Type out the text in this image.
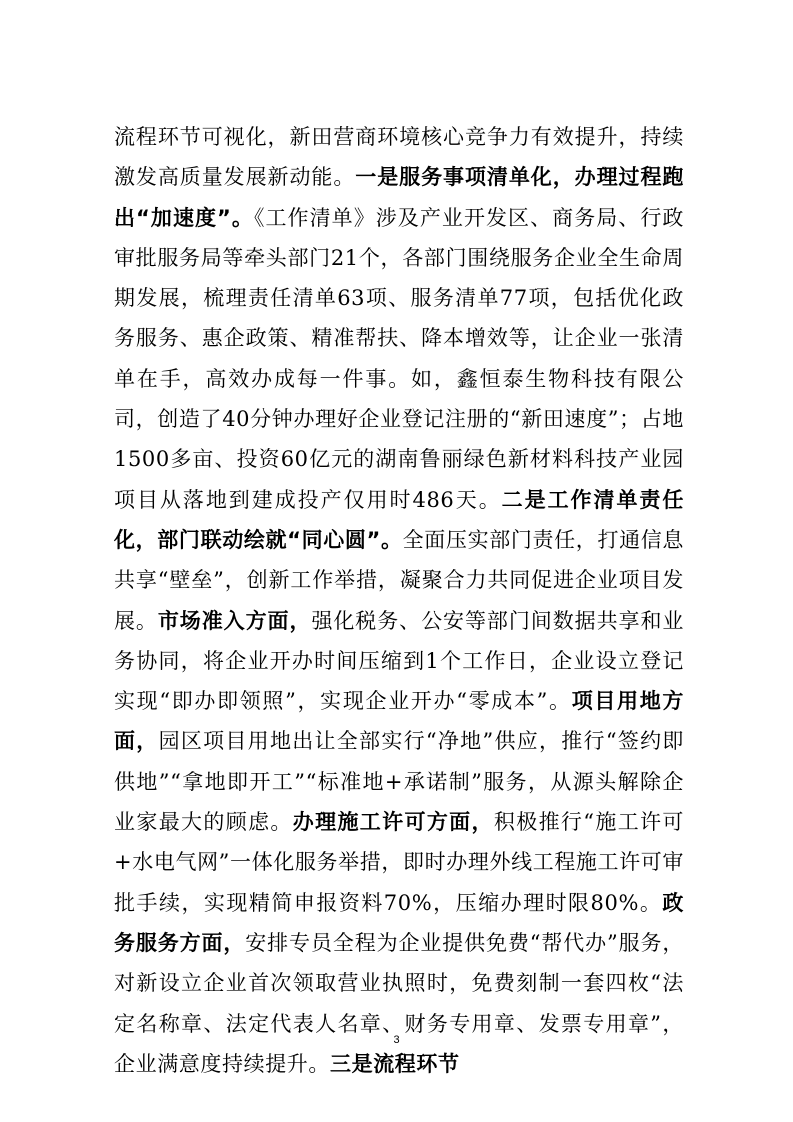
流程环节可视化，新田营商环境核心竞争力有效提升，持续激发高质量发展新动能。一是服务事项清单化，办理过程跑出“加速度”。《工作清单》涉及产业开发区、商务局、行政审批服务局等牵头部门21个，各部门围绕服务企业全生命周期发展，梳理责任清单63项、服务清单77项，包括优化政务服务、惠企政策、精准帮扶、降本增效等，让企业一张清单在手，高效办成每一件事。如，鑫恒泰生物科技有限公司，创造了40分钟办理好企业登记注册的“新田速度”；占地1500多亩、投资60亿元的湖南鲁丽绿色新材料科技产业园项目从落地到建成投产仅用时486天。二是工作清单责任化，部门联动绘就“同心圆”。全面压实部门责任，打通信息共享“壁垒”，创新工作举措，凝聚合力共同促进企业项目发展。市场准入方面，强化税务、公安等部门间数据共享和业务协同，将企业开办时间压缩到1个工作日，企业设立登记实现“即办即领照”，实现企业开办“零成本”。项目用地方面，园区项目用地出让全部实行“净地”供应，推行“签约即供地”“拿地即开工”“标准地+承诺制”服务，从源头解除企业家最大的顾虑。办理施工许可方面，积极推行“施工许可+水电气网”一体化服务举措，即时办理外线工程施工许可审批手续，实现精简申报资料70%，压缩办理时限80%。政务服务方面，安排专员全程为企业提供免费“帮代办”服务，对新设立企业首次领取营业执照时，免费刻制一套四枚“法定名称章、法定代表人名章、财务专用章、发票专用章”，企业满意度持续提升。三是流程环节

3
